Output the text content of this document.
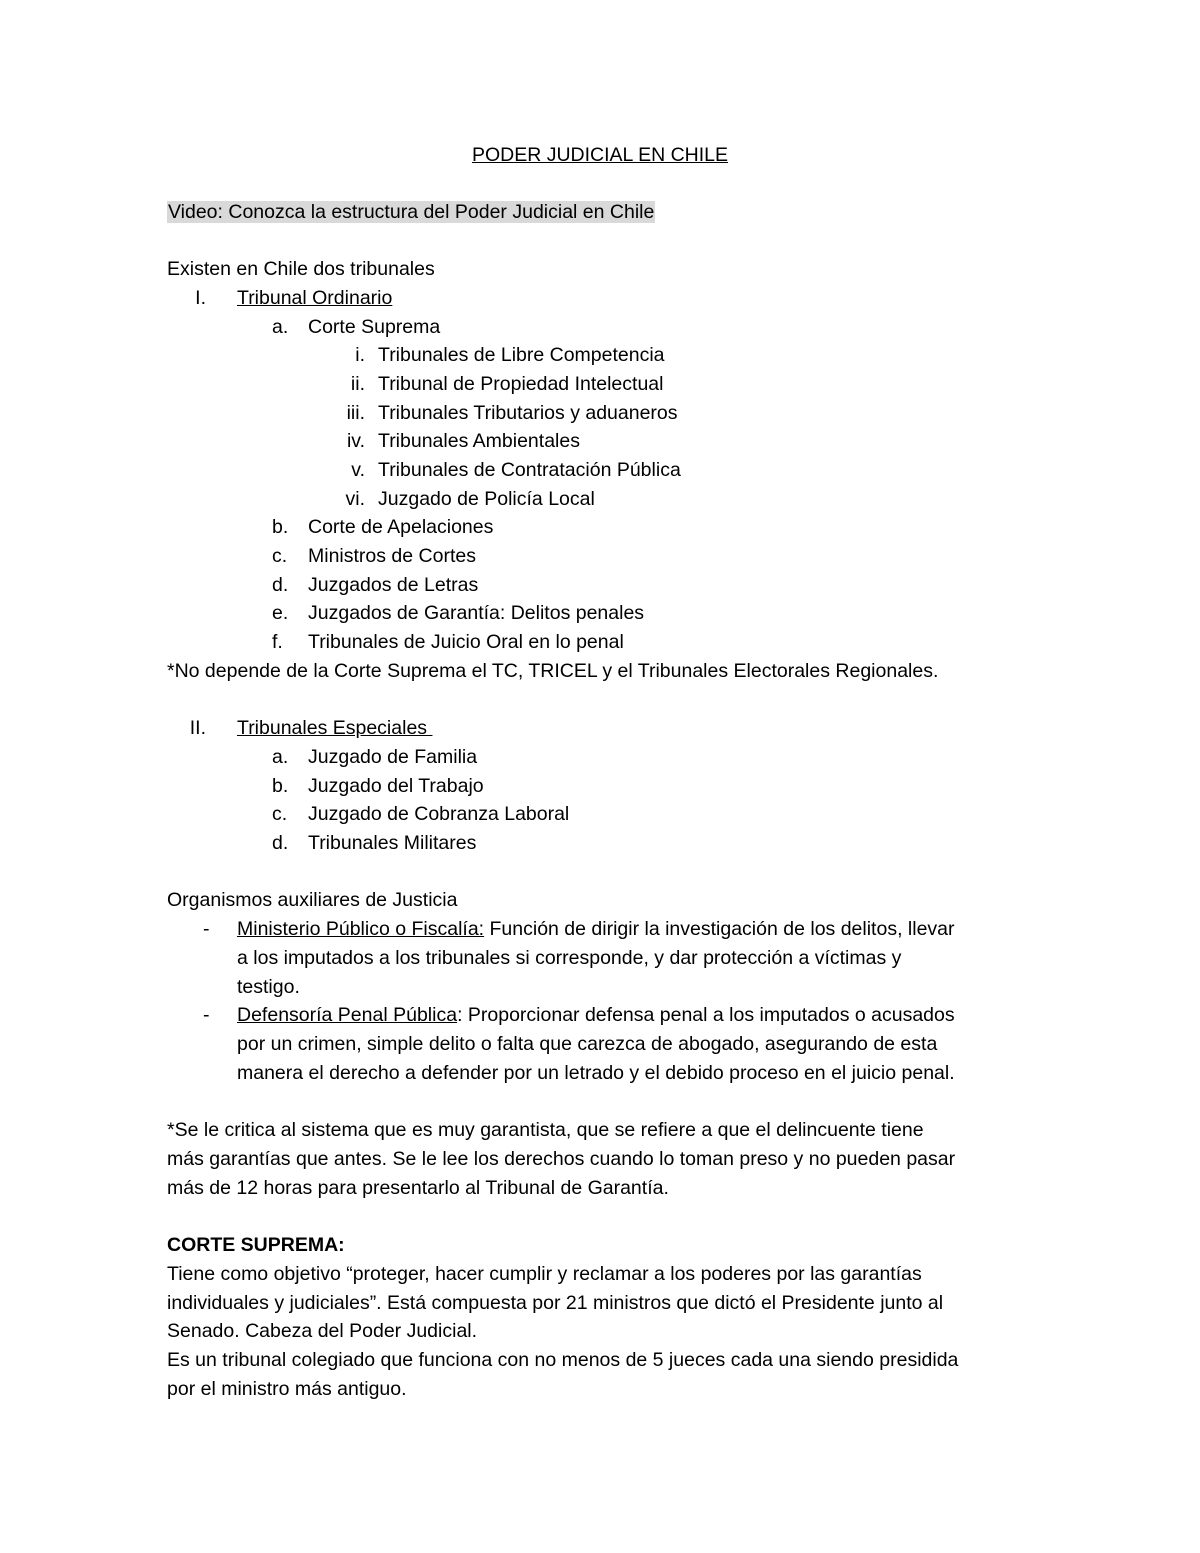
PODER JUDICIAL EN CHILE
Video: Conozca la estructura del Poder Judicial en Chile
Existen en Chile dos tribunales
I. Tribunal Ordinario
a. Corte Suprema
i. Tribunales de Libre Competencia
ii. Tribunal de Propiedad Intelectual
iii. Tribunales Tributarios y aduaneros
iv. Tribunales Ambientales
v. Tribunales de Contratación Pública
vi. Juzgado de Policía Local
b. Corte de Apelaciones
c. Ministros de Cortes
d. Juzgados de Letras
e. Juzgados de Garantía: Delitos penales
f. Tribunales de Juicio Oral en lo penal
*No depende de la Corte Suprema el TC, TRICEL y el Tribunales Electorales Regionales.
II. Tribunales Especiales
a. Juzgado de Familia
b. Juzgado del Trabajo
c. Juzgado de Cobranza Laboral
d. Tribunales Militares
Organismos auxiliares de Justicia
- Ministerio Público o Fiscalía: Función de dirigir la investigación de los delitos, llevar
a los imputados a los tribunales si corresponde, y dar protección a víctimas y
testigo.
- Defensoría Penal Pública: Proporcionar defensa penal a los imputados o acusados
por un crimen, simple delito o falta que carezca de abogado, asegurando de esta
manera el derecho a defender por un letrado y el debido proceso en el juicio penal.
*Se le critica al sistema que es muy garantista, que se refiere a que el delincuente tiene
más garantías que antes. Se le lee los derechos cuando lo toman preso y no pueden pasar
más de 12 horas para presentarlo al Tribunal de Garantía.
CORTE SUPREMA:
Tiene como objetivo “proteger, hacer cumplir y reclamar a los poderes por las garantías
individuales y judiciales”. Está compuesta por 21 ministros que dictó el Presidente junto al
Senado. Cabeza del Poder Judicial.
Es un tribunal colegiado que funciona con no menos de 5 jueces cada una siendo presidida
por el ministro más antiguo.
